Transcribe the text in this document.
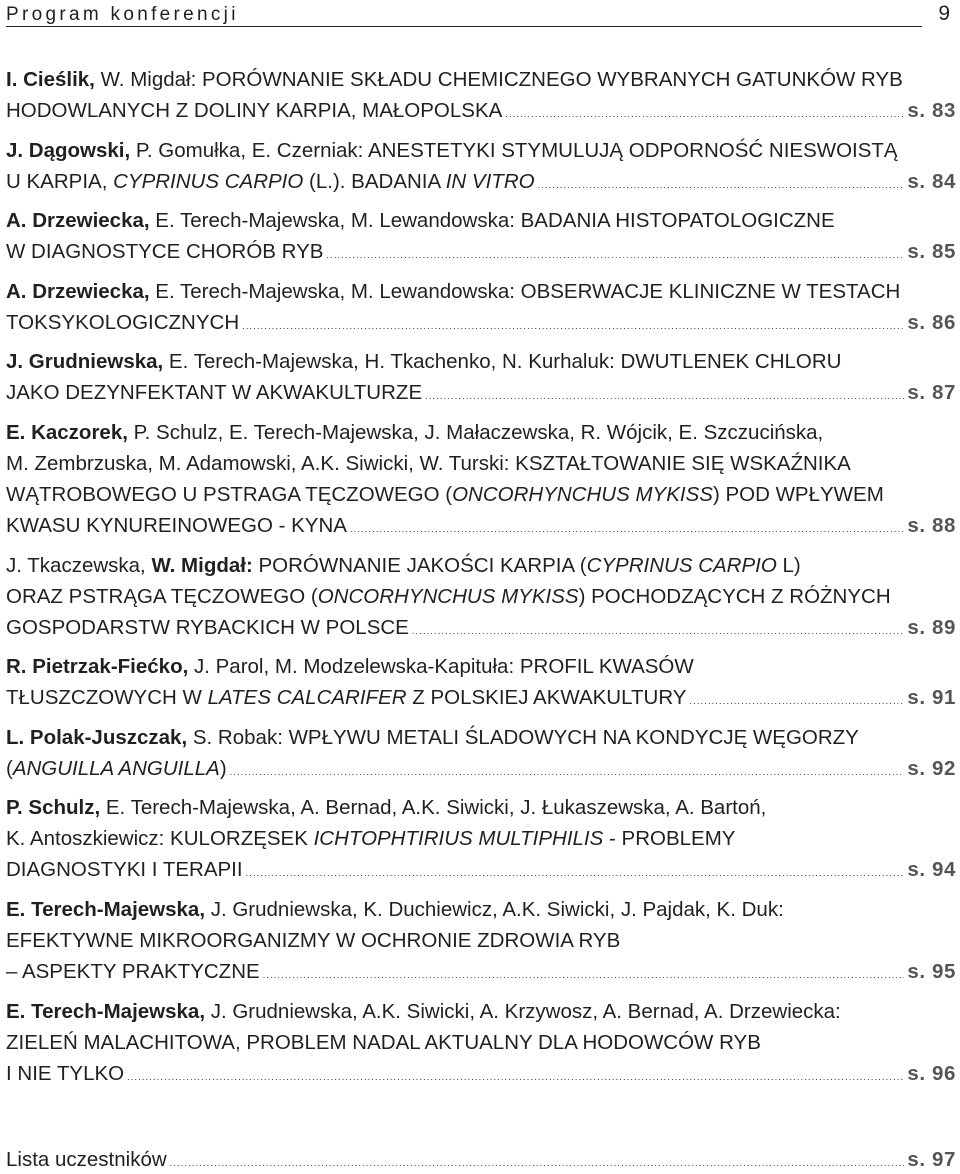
Program konferencji	9
I. Cieślik, W. Migdał: PORÓWNANIE SKŁADU CHEMICZNEGO WYBRANYCH GATUNKÓW RYB
HODOWLANYCH Z DOLINY KARPIA, MAŁOPOLSKA .....	s. 83
J. Dągowski, P. Gomułka, E. Czerniak: ANESTETYKI STYMULUJĄ ODPORNOŚĆ NIESWOISTĄ
U KARPIA, CYPRINUS CARPIO (L.). BADANIA IN VITRO .....	s. 84
A. Drzewiecka, E. Terech-Majewska, M. Lewandowska: BADANIA HISTOPATOLOGICZNE
W DIAGNOSTYCE CHORÓB RYB .....	s. 85
A. Drzewiecka, E. Terech-Majewska, M. Lewandowska: OBSERWACJE KLINICZNE W TESTACH
TOKSYKOLOGICZNYCH .....	s. 86
J. Grudniewska, E. Terech-Majewska, H. Tkachenko, N. Kurhaluk: DWUTLENEK CHLORU
JAKO DEZYNFEKTANT W AKWAKULTURZE .....	s. 87
E. Kaczorek, P. Schulz, E. Terech-Majewska, J. Małaczewska, R. Wójcik, E. Szczucińska,
M. Zembrzuska, M. Adamowski, A.K. Siwicki, W. Turski: KSZTAŁTOWANIE SIĘ WSKAŹNIKA
WĄTROBOWEGO U PSTRAGA TĘCZOWEGO (ONCORHYNCHUS MYKISS) POD WPŁYWEM
KWASU KYNUREINOWEGO - KYNA .....	s. 88
J. Tkaczewska, W. Migdał: PORÓWNANIE JAKOŚCI KARPIA (CYPRINUS CARPIO L)
ORAZ PSTRĄGA TĘCZOWEGO (ONCORHYNCHUS MYKISS) POCHODZĄCYCH Z RÓŻNYCH
GOSPODARSTW RYBACKICH W POLSCE .....	s. 89
R. Pietrzak-Fiećko, J. Parol, M. Modzelewska-Kapituła: PROFIL KWASÓW
TŁUSZCZOWYCH W LATES CALCARIFER Z POLSKIEJ AKWAKULTURY .....	s. 91
L. Polak-Juszczak, S. Robak: WPŁYWU METALI ŚLADOWYCH NA KONDYCJĘ WĘGORZY
(ANGUILLA ANGUILLA) .....	s. 92
P. Schulz, E. Terech-Majewska, A. Bernad, A.K. Siwicki, J. Łukaszewska, A. Bartoń,
K. Antoszkiewicz: KULORZĘSEK ICHTOPHTIRIUS MULTIPHILIS - PROBLEMY
DIAGNOSTYKI I TERAPII .....	s. 94
E. Terech-Majewska, J. Grudniewska, K. Duchiewicz, A.K. Siwicki, J. Pajdak, K. Duk:
EFEKTYWNE MIKROORGANIZMY W OCHRONIE ZDROWIA RYB
– ASPEKTY PRAKTYCZNE .....	s. 95
E. Terech-Majewska, J. Grudniewska, A.K. Siwicki, A. Krzywosz, A. Bernad, A. Drzewiecka:
ZIELEŃ MALACHITOWA, PROBLEM NADAL AKTUALNY DLA HODOWCÓW RYB
I NIE TYLKO .....	s. 96
Lista uczestników .....	s. 97
